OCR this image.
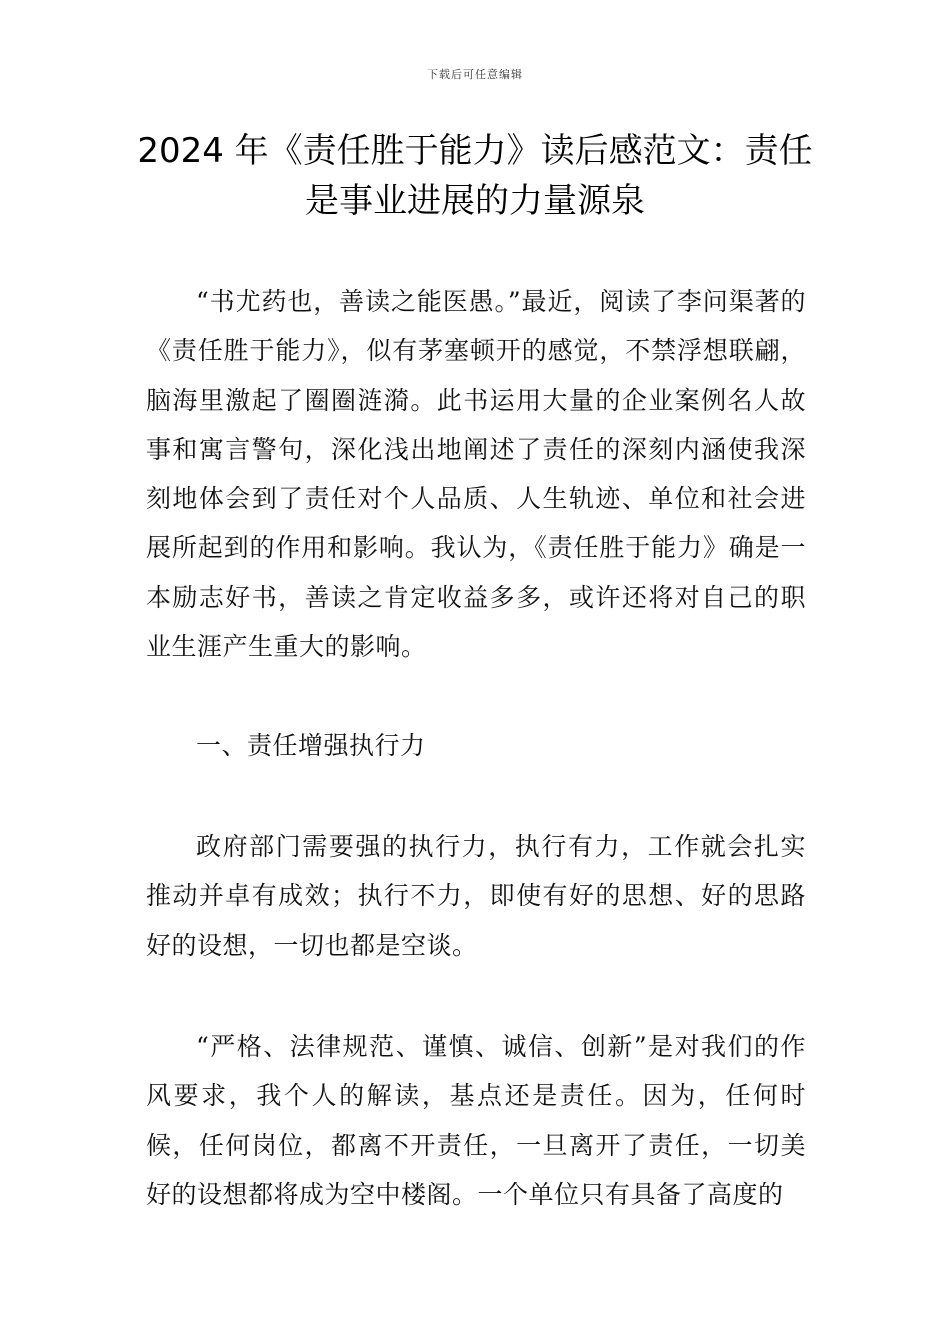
下载后可任意编辑
2024 年《责任胜于能力》读后感范文：责任是事业进展的力量源泉

“书尤药也，善读之能医愚。”最近，阅读了李问渠著的《责任胜于能力》，似有茅塞顿开的感觉，不禁浮想联翩，脑海里激起了圈圈涟漪。此书运用大量的企业案例名人故事和寓言警句，深化浅出地阐述了责任的深刻内涵使我深刻地体会到了责任对个人品质、人生轨迹、单位和社会进展所起到的作用和影响。我认为，《责任胜于能力》确是一本励志好书，善读之肯定收益多多，或许还将对自己的职业生涯产生重大的影响。

一、责任增强执行力

政府部门需要强的执行力，执行有力，工作就会扎实推动并卓有成效；执行不力，即使有好的思想、好的思路好的设想，一切也都是空谈。

“严格、法律规范、谨慎、诚信、创新”是对我们的作风要求，我个人的解读，基点还是责任。因为，任何时候，任何岗位，都离不开责任，一旦离开了责任，一切美好的设想都将成为空中楼阁。一个单位只有具备了高度的
